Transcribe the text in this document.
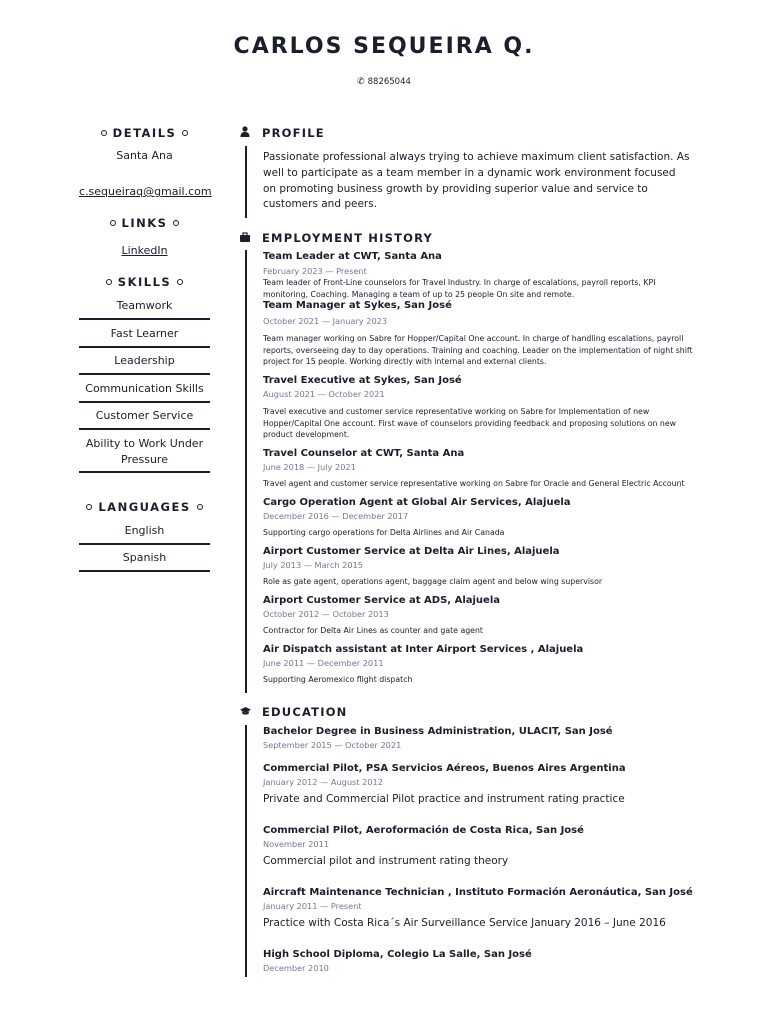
CARLOS SEQUEIRA Q.
✆ 88265044
DETAILS
Santa Ana
c.sequeiraq@gmail.com
LINKS
LinkedIn
SKILLS
Teamwork
Fast Learner
Leadership
Communication Skills
Customer Service
Ability to Work Under Pressure
LANGUAGES
English
Spanish
PROFILE
Passionate professional always trying to achieve maximum client satisfaction. As well to participate as a team member in a dynamic work environment focused on promoting business growth by providing superior value and service to customers and peers.
EMPLOYMENT HISTORY
Team Leader at CWT, Santa Ana
February 2023 — Present
Team leader of Front-Line counselors for Travel Industry. In charge of escalations, payroll reports, KPI monitoring, Coaching. Managing a team of up to 25 people On site and remote.
Team Manager at Sykes, San José
October 2021 — January 2023
Team manager working on Sabre for Hopper/Capital One account. In charge of handling escalations, payroll reports, overseeing day to day operations. Training and coaching. Leader on the implementation of night shift project for 15 people. Working directly with internal and external clients.
Travel Executive at Sykes, San José
August 2021 — October 2021
Travel executive and customer service representative working on Sabre for Implementation of new Hopper/Capital One account. First wave of counselors providing feedback and proposing solutions on new product development.
Travel Counselor at CWT, Santa Ana
June 2018 — July 2021
Travel agent and customer service representative working on Sabre for Oracle and General Electric Account
Cargo Operation Agent at Global Air Services, Alajuela
December 2016 — December 2017
Supporting cargo operations for Delta Airlines and Air Canada
Airport Customer Service at Delta Air Lines, Alajuela
July 2013 — March 2015
Role as gate agent, operations agent, baggage claim agent and below wing supervisor
Airport Customer Service at ADS, Alajuela
October 2012 — October 2013
Contractor for Delta Air Lines as counter and gate agent
Air Dispatch assistant at Inter Airport Services , Alajuela
June 2011 — December 2011
Supporting Aeromexico flight dispatch
EDUCATION
Bachelor Degree in Business Administration, ULACIT, San José
September 2015 — October 2021
Commercial Pilot, PSA Servicios Aéreos, Buenos Aires Argentina
January 2012 — August 2012
Private and Commercial Pilot practice and instrument rating practice
Commercial Pilot, Aeroformación de Costa Rica, San José
November 2011
Commercial pilot and instrument rating theory
Aircraft Maintenance Technician , Instituto Formación Aeronáutica, San José
January 2011 — Present
Practice with Costa Rica´s Air Surveillance Service January 2016 – June 2016
High School Diploma, Colegio La Salle, San José
December 2010
